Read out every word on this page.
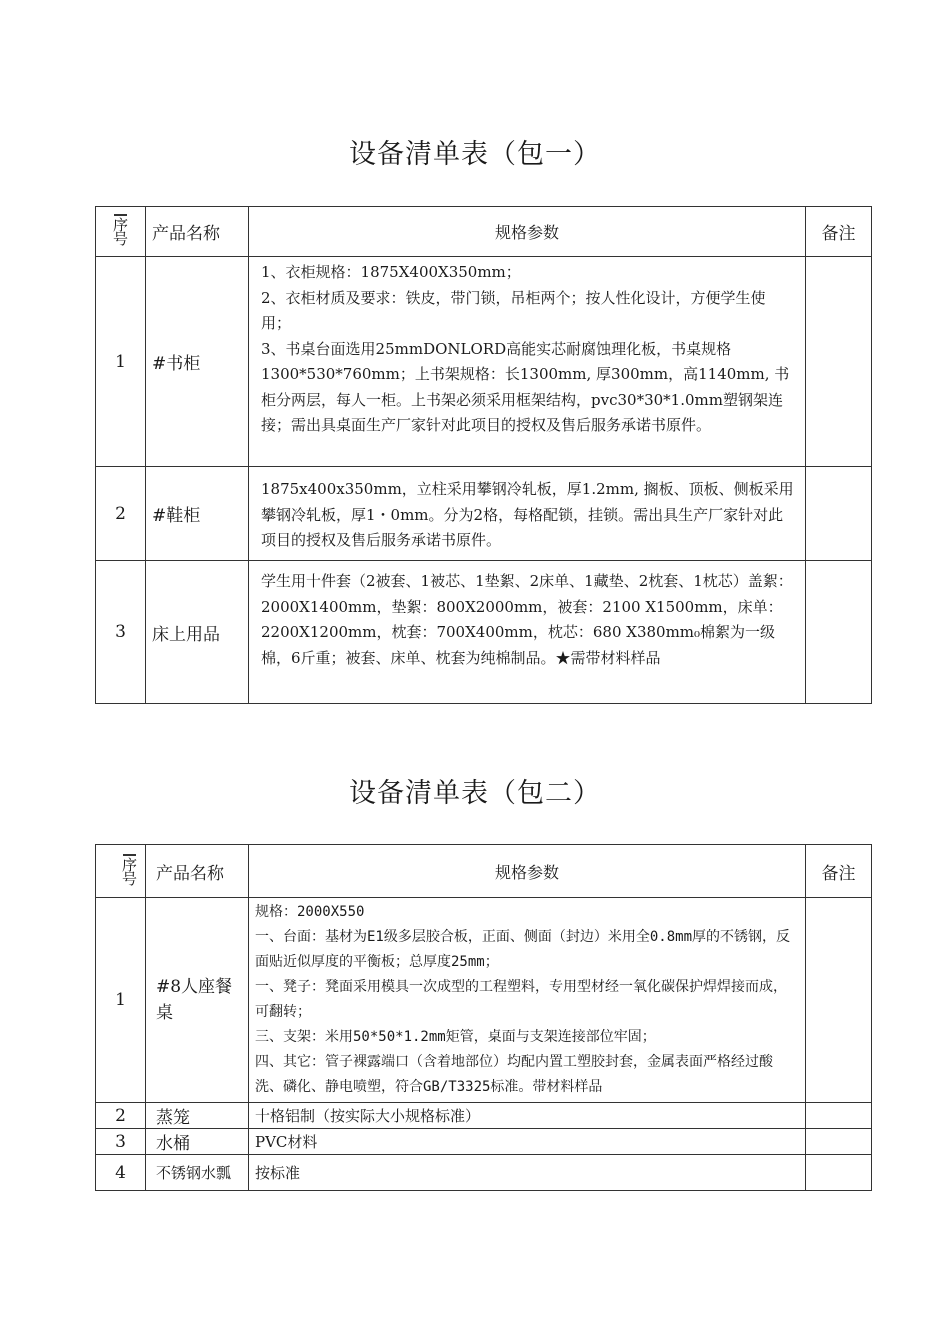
设备清单表（包一）
序
号	产品名称	规格参数	备注
1	#书柜	1、衣柜规格：1875X400X350mm；
2、衣柜材质及要求：铁皮，带门锁，吊柜两个；按人性化设计，方便学生使用；
3、书桌台面选用25mmDONLORD高能实芯耐腐蚀理化板，书桌规格1300*530*760mm；上书架规格：长1300mm, 厚300mm，高1140mm, 书柜分两层，每人一柜。上书架必须采用框架结构，pvc30*30*1.0mm塑钢架连接；需出具桌面生产厂家针对此项目的授权及售后服务承诺书原件。	

2	#鞋柜	1875x400x350mm，立柱采用攀钢冷轧板，厚1.2mm, 搁板、顶板、侧板采用攀钢冷轧板，厚1・0mm。分为2格，每格配锁，挂锁。需出具生产厂家针对此项目的授权及售后服务承诺书原件。	

3	床上用品	学生用十件套（2被套、1被芯、1垫絮、2床单、1藏垫、2枕套、1枕芯）盖絮：2000X1400mm，垫絮：800X2000mm，被套：2100 X1500mm，床单：2200X1200mm，枕套：700X400mm，枕芯：680 X380mm₀棉絮为一级棉，6斤重；被套、床单、枕套为纯棉制品。★需带材料样品	

设备清单表（包二）
序
号	产品名称	规格参数	备注
1	#8人座餐桌	规格：2000X550
一、台面：基材为E1级多层胶合板，正面、侧面（封边）米用全0.8mm厚的不锈钢，反面贴近似厚度的平衡板；总厚度25mm；
一、凳子：凳面采用模具一次成型的工程塑料，专用型材经一氧化碳保护焊焊接而成，可翻转；
三、支架：米用50*50*1.2mm矩管，桌面与支架连接部位牢固；
四、其它：管子裸露端口（含着地部位）均配内置工塑胶封套，金属表面严格经过酸洗、磷化、静电喷塑，符合GB/T3325标准。带材料样品	

2	蒸笼	十格铝制（按实际大小规格标准）	
3	水桶	PVC材料	
4	不锈钢水瓢	按标准	
